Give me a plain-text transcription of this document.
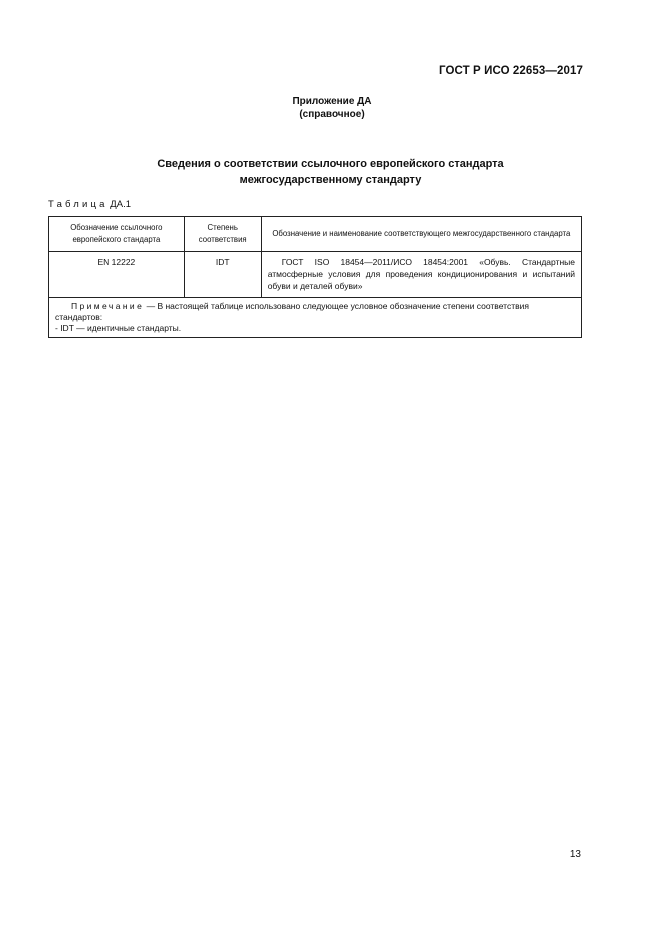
ГОСТ Р ИСО 22653—2017
Приложение ДА
(справочное)
Сведения о соответствии ссылочного европейского стандарта
межгосударственному стандарту
Таблица ДА.1
Обозначение ссылочного европейского стандарта	Степень соответствия	Обозначение и наименование соответствующего межгосударственного стандарта
EN 12222	IDT	ГОСТ ISO 18454—2011/ИСО 18454:2001 «Обувь. Стандартные атмосферные условия для проведения кондиционирования и испытаний обуви и деталей обуви»
Примечание — В настоящей таблице использовано следующее условное обозначение степени соответствия стандартов:
- IDT — идентичные стандарты.		
13
